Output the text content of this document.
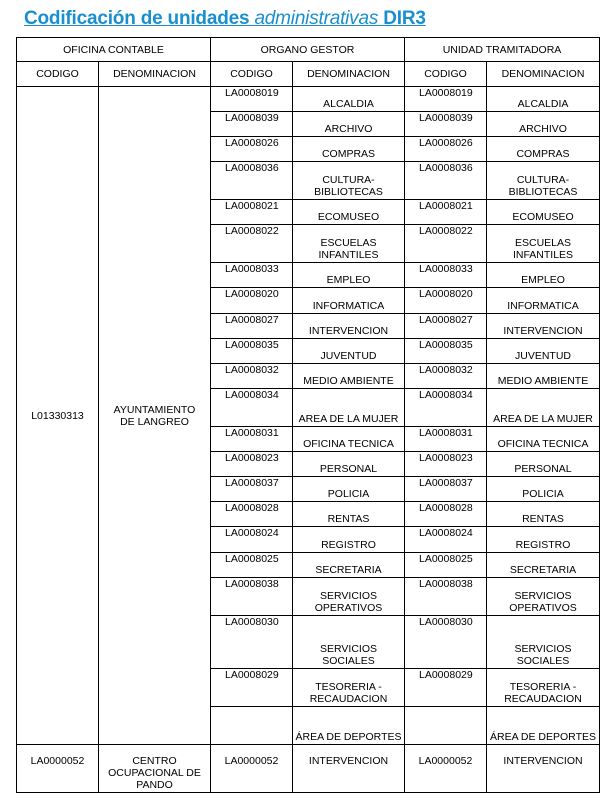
Codificación de unidades administrativas DIR3
OFICINA CONTABLE		ORGANO GESTOR		UNIDAD TRAMITADORA	
CODIGO	DENOMINACION	CODIGO	DENOMINACION	CODIGO	DENOMINACION
L01330313	AYUNTAMIENTO DE LANGREO	LA0008019	ALCALDIA	LA0008019	ALCALDIA
		LA0008039	ARCHIVO	LA0008039	ARCHIVO
		LA0008026	COMPRAS	LA0008026	COMPRAS
		LA0008036	CULTURA-BIBLIOTECAS	LA0008036	CULTURA-BIBLIOTECAS
		LA0008021	ECOMUSEO	LA0008021	ECOMUSEO
		LA0008022	ESCUELAS INFANTILES	LA0008022	ESCUELAS INFANTILES
		LA0008033	EMPLEO	LA0008033	EMPLEO
		LA0008020	INFORMATICA	LA0008020	INFORMATICA
		LA0008027	INTERVENCION	LA0008027	INTERVENCION
		LA0008035	JUVENTUD	LA0008035	JUVENTUD
		LA0008032	MEDIO AMBIENTE	LA0008032	MEDIO AMBIENTE
		LA0008034	AREA DE LA MUJER	LA0008034	AREA DE LA MUJER
		LA0008031	OFICINA TECNICA	LA0008031	OFICINA TECNICA
		LA0008023	PERSONAL	LA0008023	PERSONAL
		LA0008037	POLICIA	LA0008037	POLICIA
		LA0008028	RENTAS	LA0008028	RENTAS
		LA0008024	REGISTRO	LA0008024	REGISTRO
		LA0008025	SECRETARIA	LA0008025	SECRETARIA
		LA0008038	SERVICIOS OPERATIVOS	LA0008038	SERVICIOS OPERATIVOS
		LA0008030	SERVICIOS SOCIALES	LA0008030	SERVICIOS SOCIALES
		LA0008029	TESORERIA - RECAUDACION	LA0008029	TESORERIA - RECAUDACION
			ÁREA DE DEPORTES		ÁREA DE DEPORTES
LA0000052	CENTRO OCUPACIONAL DE PANDO	LA0000052	INTERVENCION	LA0000052	INTERVENCION
